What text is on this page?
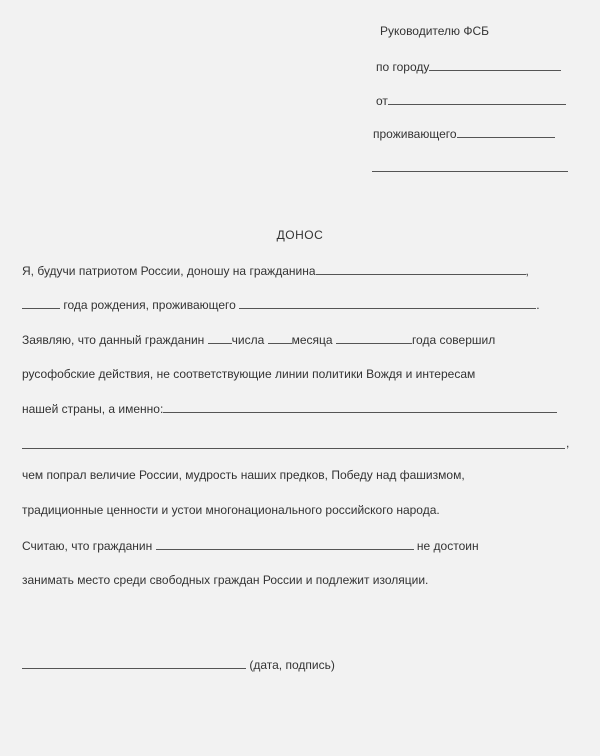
Руководителю ФСБ
по городу
от
проживающего
ДОНОС
Я, будучи патриотом России, доношу на гражданина	,
года рождения, проживающего	.
Заявляю, что данный гражданин числа месяца	года совершил
русофобские действия, не соответствующие линии политики Вождя и интересам
нашей страны, а именно:
,
чем попрал величие России, мудрость наших предков, Победу над фашизмом,
традиционные ценности и устои многонационального российского народа.
Считаю, что гражданин	не достоин
занимать место среди свободных граждан России и подлежит изоляции.
(дата, подпись)
